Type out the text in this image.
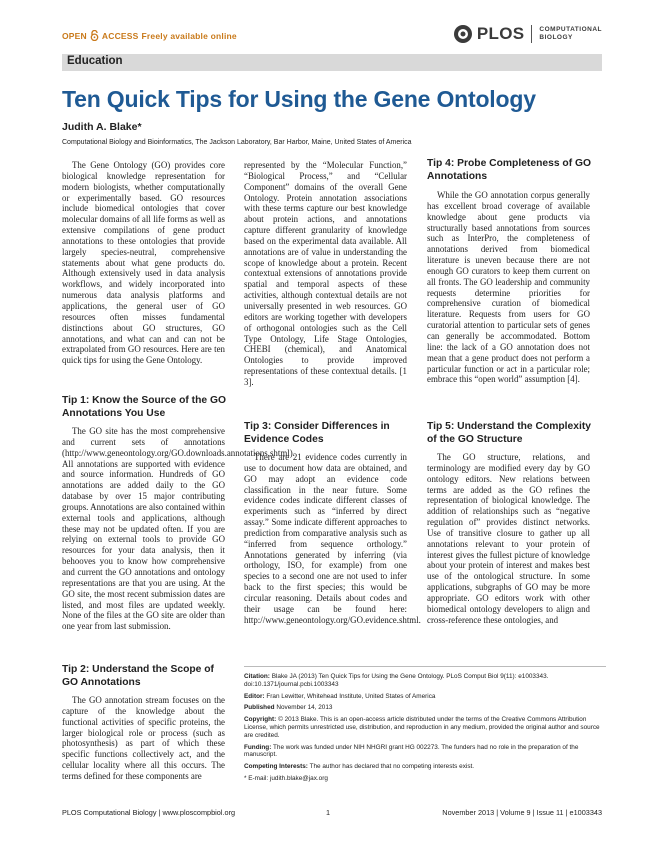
OPEN ACCESS Freely available online	PLOS COMPUTATIONAL
BIOLOGY
Education
Ten Quick Tips for Using the Gene Ontology
Judith A. Blake*
Computational Biology and Bioinformatics, The Jackson Laboratory, Bar Harbor, Maine, United States of America

The Gene Ontology (GO) provides core biological knowledge representation for modern biologists, whether computationally or experimentally based. GO resources include biomedical ontologies that cover molecular domains of all life forms as well as extensive compilations of gene product annotations to these ontologies that provide largely species-neutral, comprehensive statements about what gene products do. Although extensively used in data analysis workflows, and widely incorporated into numerous data analysis platforms and applications, the general user of GO resources often misses fundamental distinctions about GO structures, GO annotations, and what can and can not be extrapolated from GO resources. Here are ten quick tips for using the Gene Ontology.

Tip 1: Know the Source of the GO Annotations You Use

The GO site has the most comprehensive and current sets of annotations (http://www.geneontology.org/GO.downloads.annotations.shtml). All annotations are supported with evidence and source information. Hundreds of GO annotations are added daily to the GO database by over 15 major contributing groups. Annotations are also contained within external tools and applications, although these may not be updated often. If you are relying on external tools to provide GO resources for your data analysis, then it behooves you to know how comprehensive and current the GO annotations and ontology representations are that you are using. At the GO site, the most recent submission dates are listed, and most files are updated weekly. None of the files at the GO site are older than one year from last submission.

Tip 2: Understand the Scope of GO Annotations

The GO annotation stream focuses on the capture of the knowledge about the functional activities of specific proteins, the larger biological role or process (such as photosynthesis) as part of which these specific functions collectively act, and the cellular locality where all this occurs. The terms defined for these components are

represented by the “Molecular Function,” “Biological Process,” and “Cellular Component” domains of the overall Gene Ontology. Protein annotation associations with these terms capture our best knowledge about protein actions, and annotations capture different granularity of knowledge based on the experimental data available. All annotations are of value in understanding the scope of knowledge about a protein. Recent contextual extensions of annotations provide spatial and temporal aspects of these activities, although contextual details are not universally presented in web resources. GO editors are working together with developers of orthogonal ontologies such as the Cell Type Ontology, Life Stage Ontologies, CHEBI (chemical), and Anatomical Ontologies to provide improved representations of these contextual details. [1 3].

Tip 3: Consider Differences in Evidence Codes

There are 21 evidence codes currently in use to document how data are obtained, and GO may adopt an evidence code classification in the near future. Some evidence codes indicate different classes of experiments such as “inferred by direct assay.” Some indicate different approaches to prediction from comparative analysis such as “inferred from sequence orthology.” Annotations generated by inferring (via orthology, ISO, for example) from one species to a second one are not used to infer back to the first species; this would be circular reasoning. Details about codes and their usage can be found here: http://www.geneontology.org/GO.evidence.shtml.

Tip 4: Probe Completeness of GO Annotations

While the GO annotation corpus generally has excellent broad coverage of available knowledge about gene products via structurally based annotations from sources such as InterPro, the completeness of annotations derived from biomedical literature is uneven because there are not enough GO curators to keep them current on all fronts. The GO leadership and community requests determine priorities for comprehensive curation of biomedical literature. Requests from users for GO curatorial attention to particular sets of genes can generally be accommodated. Bottom line: the lack of a GO annotation does not mean that a gene product does not perform a particular function or act in a particular role; embrace this “open world” assumption [4].

Tip 5: Understand the Complexity of the GO Structure

The GO structure, relations, and terminology are modified every day by GO ontology editors. New relations between terms are added as the GO refines the representation of biological knowledge. The addition of relationships such as “negative regulation of” provides distinct networks. Use of transitive closure to gather up all annotations relevant to your protein of interest gives the fullest picture of knowledge about your protein of interest and makes best use of the ontological structure. In some applications, subgraphs of GO may be more appropriate. GO editors work with other biomedical ontology developers to align and cross-reference these ontologies, and

Citation: Blake JA (2013) Ten Quick Tips for Using the Gene Ontology. PLoS Comput Biol 9(11): e1003343. doi:10.1371/journal.pcbi.1003343
Editor: Fran Lewitter, Whitehead Institute, United States of America
Published November 14, 2013
Copyright: © 2013 Blake. This is an open-access article distributed under the terms of the Creative Commons Attribution License, which permits unrestricted use, distribution, and reproduction in any medium, provided the original author and source are credited.
Funding: The work was funded under NIH NHGRI grant HG 002273. The funders had no role in the preparation of the manuscript.
Competing Interests: The author has declared that no competing interests exist.
* E-mail: judith.blake@jax.org
PLOS Computational Biology | www.ploscompbiol.org	1	November 2013 | Volume 9 | Issue 11 | e1003343
